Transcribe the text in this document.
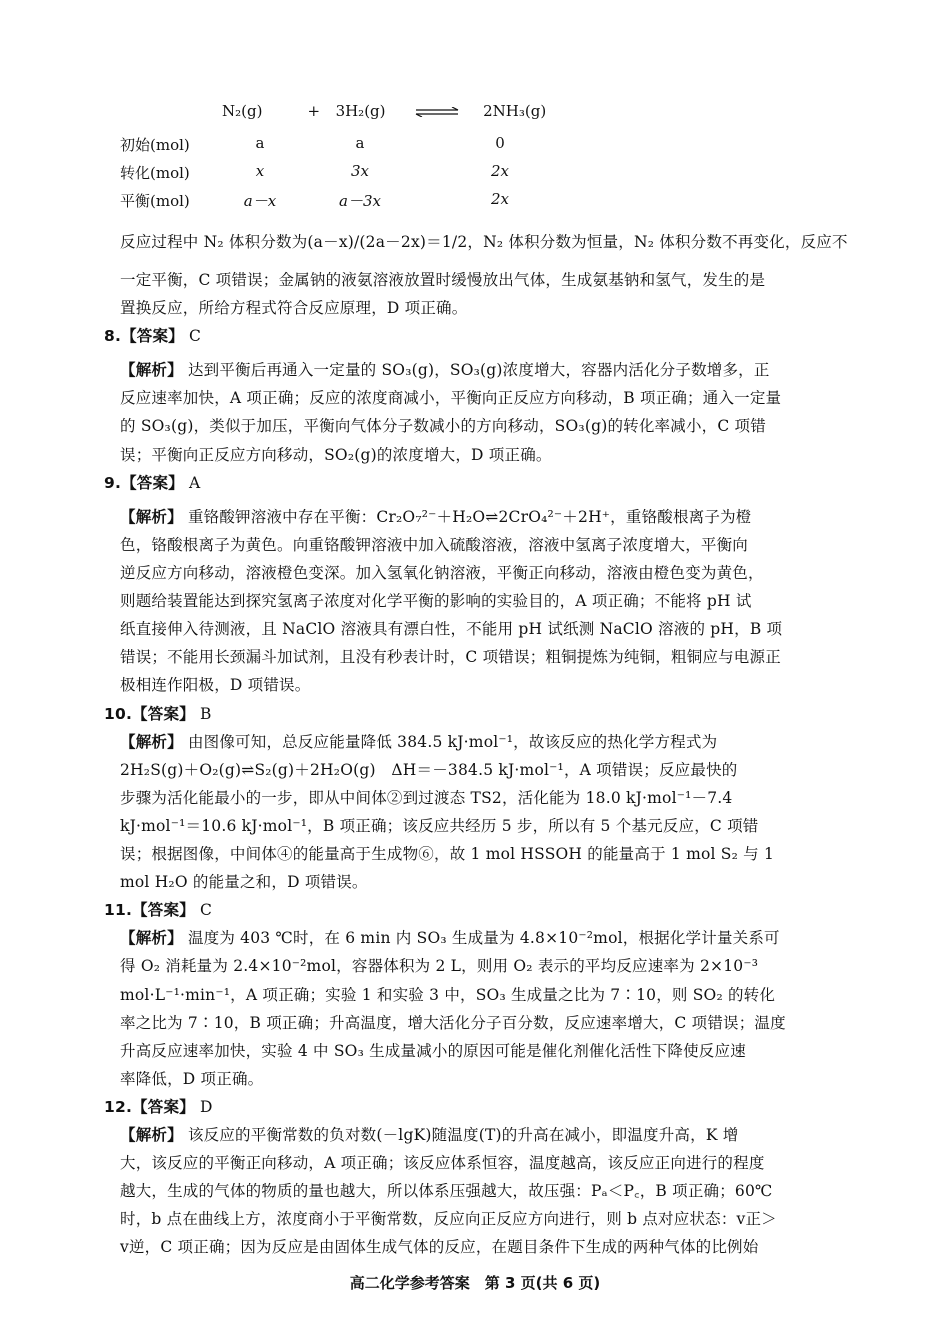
N₂(g)	+ 3H₂(g)	2NH₃(g)
初始(mol)	a	a	0
转化(mol)	x	3x	2x
平衡(mol)	a－x	a－3x	2x
反应过程中 N₂ 体积分数为(a－x)/(2a－2x)＝1/2，N₂ 体积分数为恒量，N₂ 体积分数不再变化，反应不
一定平衡，C 项错误；金属钠的液氨溶液放置时缓慢放出气体，生成氨基钠和氢气，发生的是
置换反应，所给方程式符合反应原理，D 项正确。
8.【答案】 C
【解析】 达到平衡后再通入一定量的 SO₃(g)，SO₃(g)浓度增大，容器内活化分子数增多，正
反应速率加快，A 项正确；反应的浓度商减小，平衡向正反应方向移动，B 项正确；通入一定量
的 SO₃(g)，类似于加压，平衡向气体分子数减小的方向移动，SO₃(g)的转化率减小，C 项错
误；平衡向正反应方向移动，SO₂(g)的浓度增大，D 项正确。
9.【答案】 A
【解析】 重铬酸钾溶液中存在平衡：Cr₂O₇²⁻＋H₂O⇌2CrO₄²⁻＋2H⁺，重铬酸根离子为橙
色，铬酸根离子为黄色。向重铬酸钾溶液中加入硫酸溶液，溶液中氢离子浓度增大，平衡向
逆反应方向移动，溶液橙色变深。加入氢氧化钠溶液，平衡正向移动，溶液由橙色变为黄色，
则题给装置能达到探究氢离子浓度对化学平衡的影响的实验目的，A 项正确；不能将 pH 试
纸直接伸入待测液，且 NaClO 溶液具有漂白性，不能用 pH 试纸测 NaClO 溶液的 pH，B 项
错误；不能用长颈漏斗加试剂，且没有秒表计时，C 项错误；粗铜提炼为纯铜，粗铜应与电源正
极相连作阳极，D 项错误。
10.【答案】 B
【解析】 由图像可知，总反应能量降低 384.5 kJ·mol⁻¹，故该反应的热化学方程式为
2H₂S(g)＋O₂(g)⇌S₂(g)＋2H₂O(g)　ΔH＝－384.5 kJ·mol⁻¹，A 项错误；反应最快的
步骤为活化能最小的一步，即从中间体②到过渡态 TS2，活化能为 18.0 kJ·mol⁻¹－7.4
kJ·mol⁻¹＝10.6 kJ·mol⁻¹，B 项正确；该反应共经历 5 步，所以有 5 个基元反应，C 项错
误；根据图像，中间体④的能量高于生成物⑥，故 1 mol HSSOH 的能量高于 1 mol S₂ 与 1
mol H₂O 的能量之和，D 项错误。
11.【答案】 C
【解析】 温度为 403 ℃时，在 6 min 内 SO₃ 生成量为 4.8×10⁻²mol，根据化学计量关系可
得 O₂ 消耗量为 2.4×10⁻²mol，容器体积为 2 L，则用 O₂ 表示的平均反应速率为 2×10⁻³
mol·L⁻¹·min⁻¹，A 项正确；实验 1 和实验 3 中，SO₃ 生成量之比为 7∶10，则 SO₂ 的转化
率之比为 7∶10，B 项正确；升高温度，增大活化分子百分数，反应速率增大，C 项错误；温度
升高反应速率加快，实验 4 中 SO₃ 生成量减小的原因可能是催化剂催化活性下降使反应速
率降低，D 项正确。
12.【答案】 D
【解析】 该反应的平衡常数的负对数(－lgK)随温度(T)的升高在减小，即温度升高，K 增
大，该反应的平衡正向移动，A 项正确；该反应体系恒容，温度越高，该反应正向进行的程度
越大，生成的气体的物质的量也越大，所以体系压强越大，故压强：Pₐ＜P꜀，B 项正确；60℃
时，b 点在曲线上方，浓度商小于平衡常数，反应向正反应方向进行，则 b 点对应状态：v正＞
v逆，C 项正确；因为反应是由固体生成气体的反应，在题目条件下生成的两种气体的比例始
高二化学参考答案　第 3 页(共 6 页)
